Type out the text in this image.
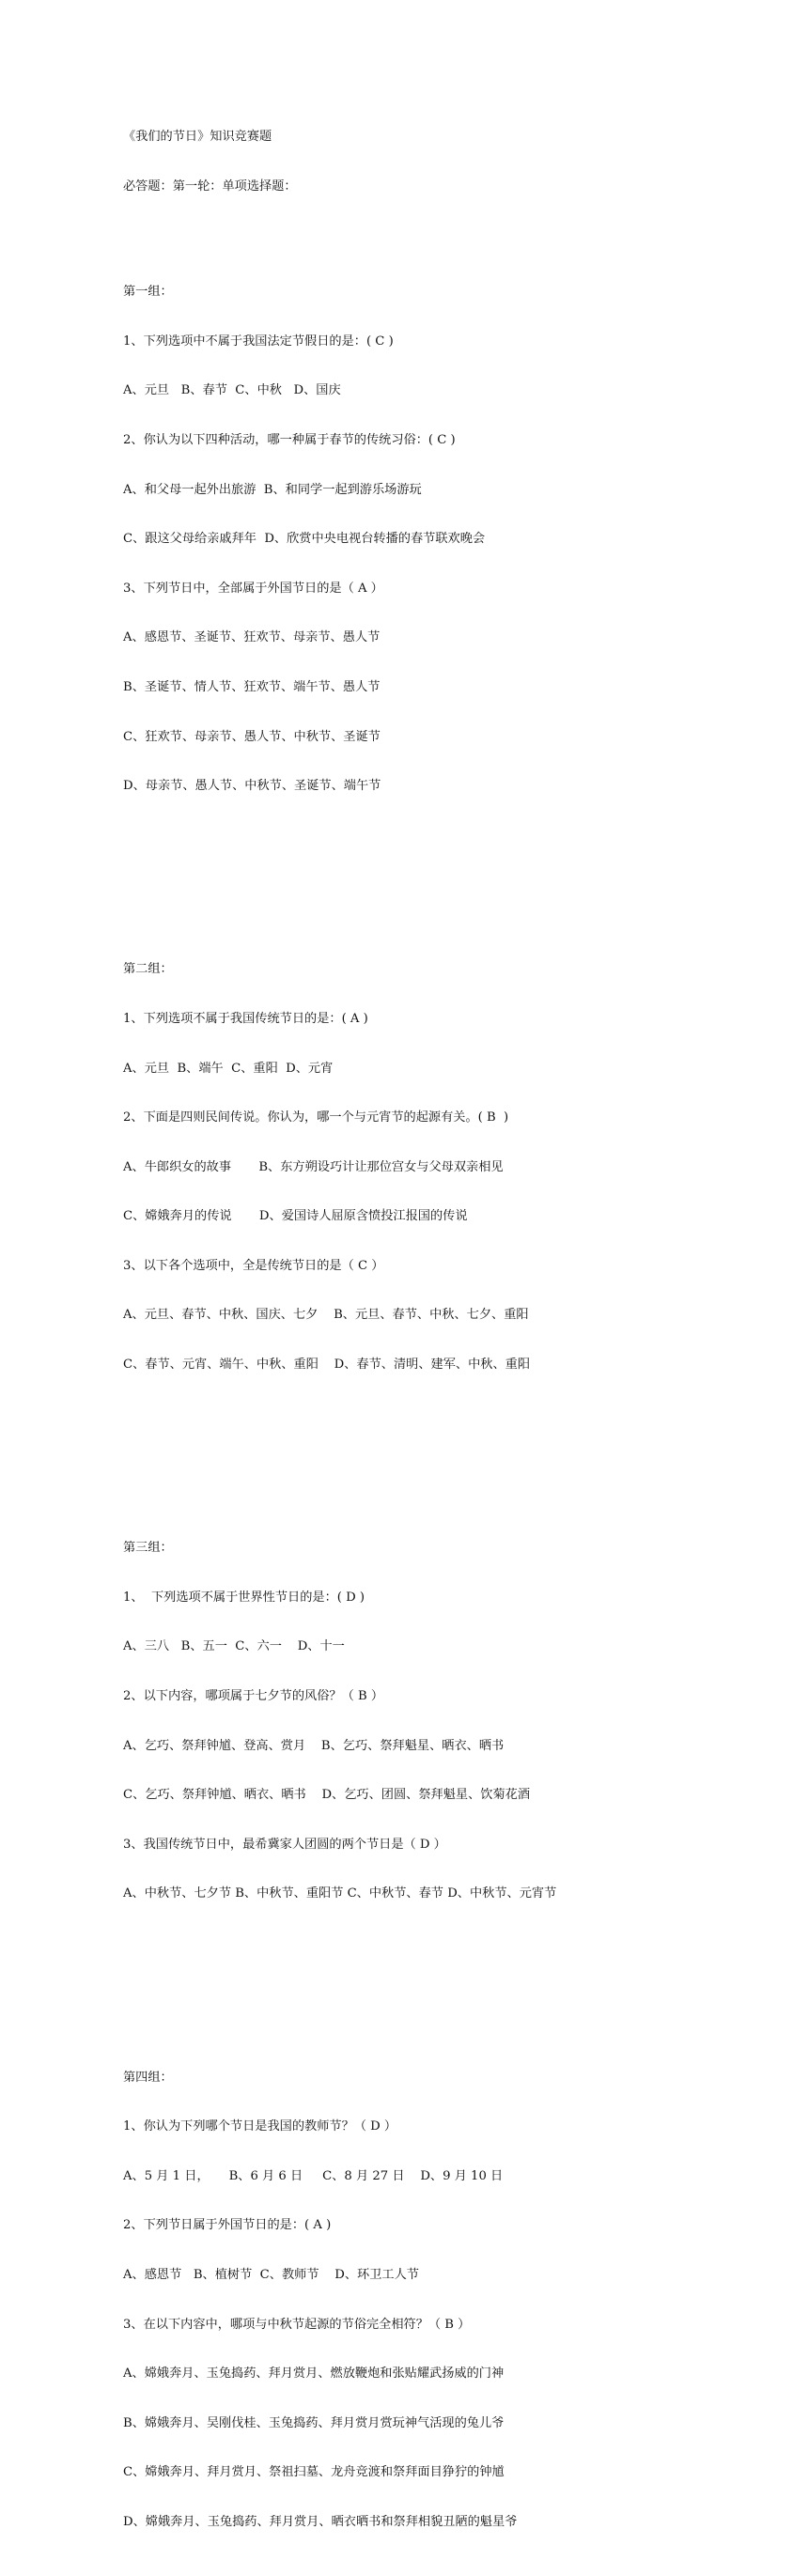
《我们的节日》知识竞赛题

必答题：第一轮：单项选择题：

第一组：

1、下列选项中不属于我国法定节假日的是：( C )

A、元旦   B、春节  C、中秋   D、国庆

2、你认为以下四种活动，哪一种属于春节的传统习俗：( C )

A、和父母一起外出旅游  B、和同学一起到游乐场游玩

C、跟这父母给亲戚拜年  D、欣赏中央电视台转播的春节联欢晚会

3、下列节日中，全部属于外国节日的是（ A ）

A、感恩节、圣诞节、狂欢节、母亲节、愚人节

B、圣诞节、情人节、狂欢节、端午节、愚人节

C、狂欢节、母亲节、愚人节、中秋节、圣诞节

D、母亲节、愚人节、中秋节、圣诞节、端午节

第二组：

1、下列选项不属于我国传统节日的是：( A )

A、元旦  B、端午  C、重阳  D、元宵

2、下面是四则民间传说。你认为，哪一个与元宵节的起源有关。( B  )

A、牛郎织女的故事       B、东方朔设巧计让那位宫女与父母双亲相见

C、嫦娥奔月的传说       D、爱国诗人屈原含愤投江报国的传说

3、以下各个选项中，全是传统节日的是（ C ）

A、元旦、春节、中秋、国庆、七夕    B、元旦、春节、中秋、七夕、重阳

C、春节、元宵、端午、中秋、重阳    D、春节、清明、建军、中秋、重阳

第三组：

1、  下列选项不属于世界性节日的是：( D )

A、三八   B、五一  C、六一    D、十一

2、以下内容，哪项属于七夕节的风俗？（ B ）

A、乞巧、祭拜钟馗、登高、赏月    B、乞巧、祭拜魁星、晒衣、晒书

C、乞巧、祭拜钟馗、晒衣、晒书    D、乞巧、团圆、祭拜魁星、饮菊花酒

3、我国传统节日中，最希冀家人团圆的两个节日是（ D ）

A、中秋节、七夕节 B、中秋节、重阳节 C、中秋节、春节 D、中秋节、元宵节

第四组：

1、你认为下列哪个节日是我国的教师节？（ D ）

A、5 月 1 日，     B、6 月 6 日     C、8 月 27 日    D、9 月 10 日

2、下列节日属于外国节日的是：( A )

A、感恩节   B、植树节  C、教师节    D、环卫工人节

3、在以下内容中，哪项与中秋节起源的节俗完全相符？（ B ）

A、嫦娥奔月、玉兔捣药、拜月赏月、燃放鞭炮和张贴耀武扬威的门神

B、嫦娥奔月、吴刚伐桂、玉兔捣药、拜月赏月赏玩神气活现的兔儿爷

C、嫦娥奔月、拜月赏月、祭祖扫墓、龙舟竞渡和祭拜面目狰狞的钟馗

D、嫦娥奔月、玉兔捣药、拜月赏月、晒衣晒书和祭拜相貌丑陋的魁星爷
